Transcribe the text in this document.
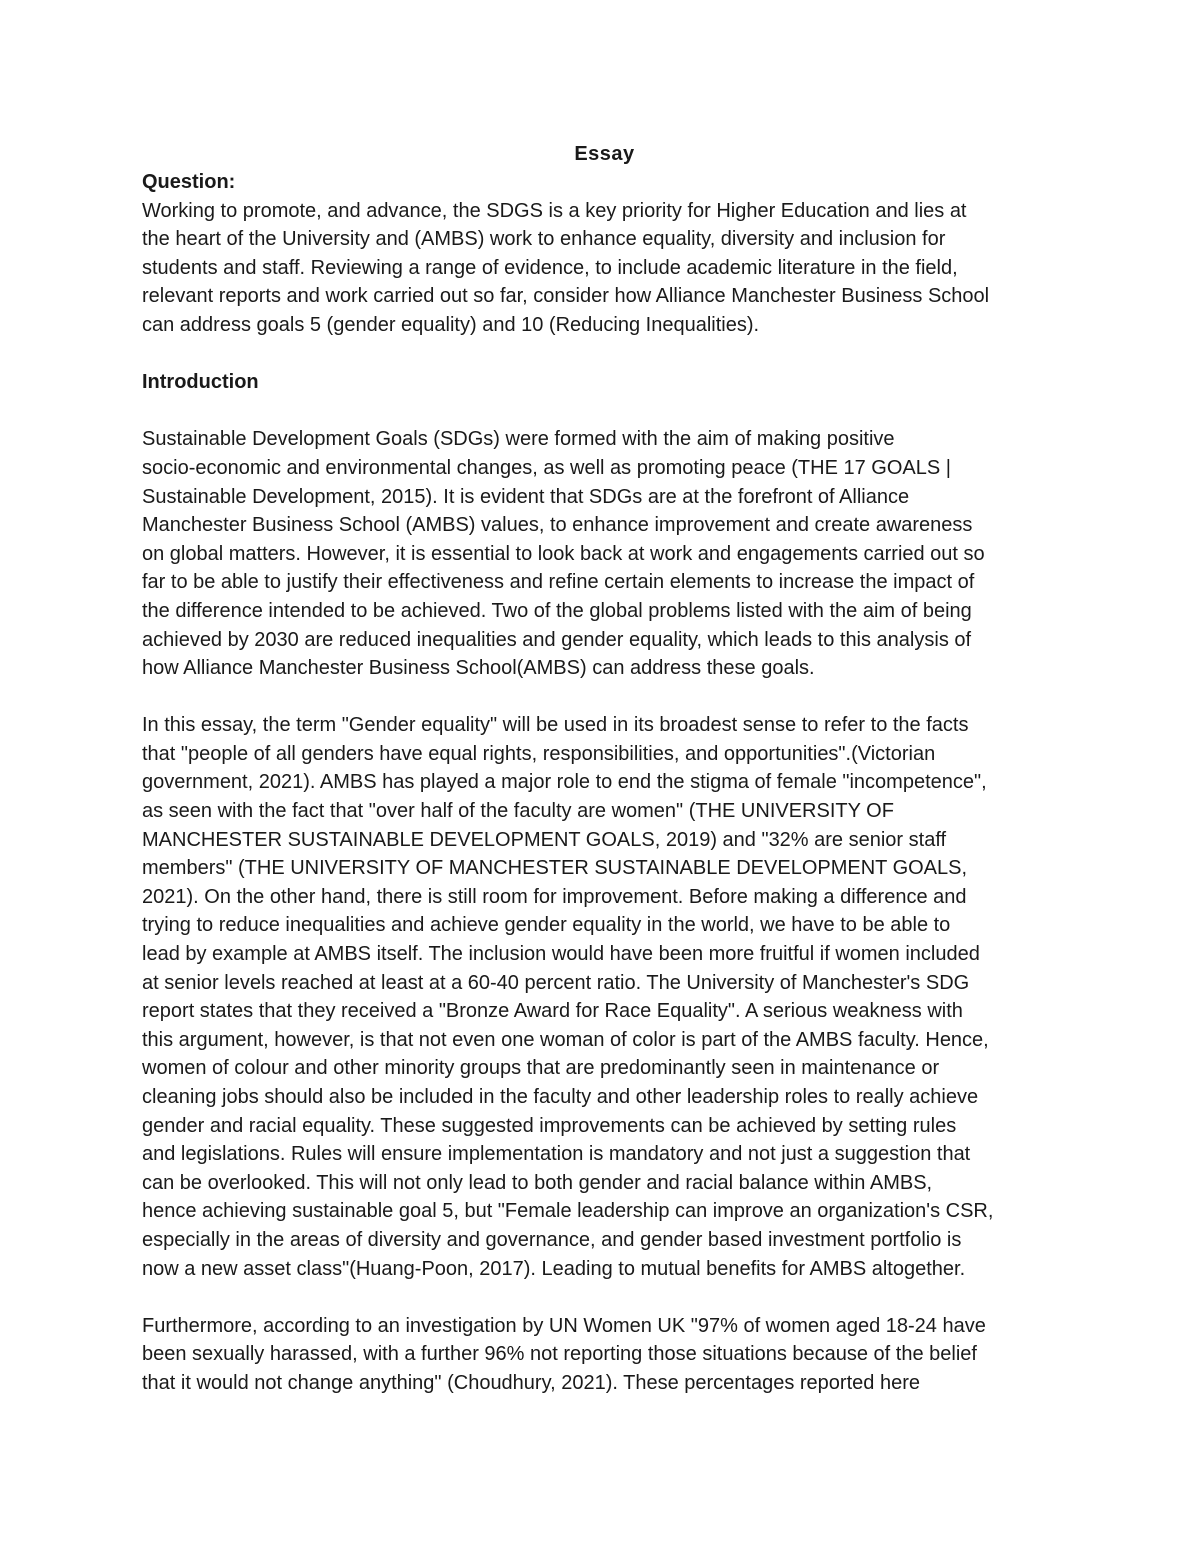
Essay

Question:

Working to promote, and advance, the SDGS is a key priority for Higher Education and lies at
the heart of the University and (AMBS) work to enhance equality, diversity and inclusion for
students and staff. Reviewing a range of evidence, to include academic literature in the field,
relevant reports and work carried out so far, consider how Alliance Manchester Business School
can address goals 5 (gender equality) and 10 (Reducing Inequalities).

Introduction

Sustainable Development Goals (SDGs) were formed with the aim of making positive
socio-economic and environmental changes, as well as promoting peace (THE 17 GOALS |
Sustainable Development, 2015). It is evident that SDGs are at the forefront of Alliance
Manchester Business School (AMBS) values, to enhance improvement and create awareness
on global matters. However, it is essential to look back at work and engagements carried out so
far to be able to justify their effectiveness and refine certain elements to increase the impact of
the difference intended to be achieved. Two of the global problems listed with the aim of being
achieved by 2030 are reduced inequalities and gender equality, which leads to this analysis of
how Alliance Manchester Business School(AMBS) can address these goals.
In this essay, the term "Gender equality" will be used in its broadest sense to refer to the facts
that "people of all genders have equal rights, responsibilities, and opportunities".(Victorian
government, 2021). AMBS has played a major role to end the stigma of female "incompetence",
as seen with the fact that "over half of the faculty are women" (THE UNIVERSITY OF
MANCHESTER SUSTAINABLE DEVELOPMENT GOALS, 2019) and "32% are senior staff
members" (THE UNIVERSITY OF MANCHESTER SUSTAINABLE DEVELOPMENT GOALS,
2021). On the other hand, there is still room for improvement. Before making a difference and
trying to reduce inequalities and achieve gender equality in the world, we have to be able to
lead by example at AMBS itself. The inclusion would have been more fruitful if women included
at senior levels reached at least at a 60-40 percent ratio. The University of Manchester's SDG
report states that they received a "Bronze Award for Race Equality". A serious weakness with
this argument, however, is that not even one woman of color is part of the AMBS faculty. Hence,
women of colour and other minority groups that are predominantly seen in maintenance or
cleaning jobs should also be included in the faculty and other leadership roles to really achieve
gender and racial equality. These suggested improvements can be achieved by setting rules
and legislations. Rules will ensure implementation is mandatory and not just a suggestion that
can be overlooked. This will not only lead to both gender and racial balance within AMBS,
hence achieving sustainable goal 5, but "Female leadership can improve an organization's CSR,
especially in the areas of diversity and governance, and gender based investment portfolio is
now a new asset class"(Huang-Poon, 2017). Leading to mutual benefits for AMBS altogether.
Furthermore, according to an investigation by UN Women UK "97% of women aged 18-24 have
been sexually harassed, with a further 96% not reporting those situations because of the belief
that it would not change anything" (Choudhury, 2021). These percentages reported here
